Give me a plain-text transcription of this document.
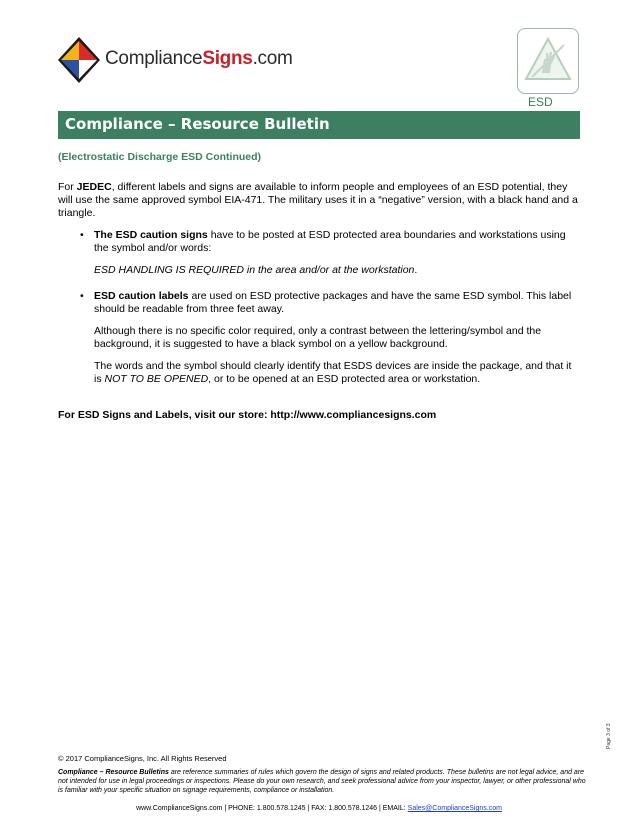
ComplianceSigns.com
ESD
Compliance – Resource Bulletin
(Electrostatic Discharge ESD Continued)
For JEDEC, different labels and signs are available to inform people and employees of an ESD potential, they will use the same approved symbol EIA-471. The military uses it in a “negative” version, with a black hand and a triangle.
• The ESD caution signs have to be posted at ESD protected area boundaries and workstations using the symbol and/or words:
ESD HANDLING IS REQUIRED in the area and/or at the workstation.
• ESD caution labels are used on ESD protective packages and have the same ESD symbol. This label should be readable from three feet away.
Although there is no specific color required, only a contrast between the lettering/symbol and the background, it is suggested to have a black symbol on a yellow background.
The words and the symbol should clearly identify that ESDS devices are inside the package, and that it is NOT TO BE OPENED, or to be opened at an ESD protected area or workstation.
For ESD Signs and Labels, visit our store: http://www.compliancesigns.com
Page 3 of 3
© 2017 ComplianceSigns, Inc. All Rights Reserved
Compliance – Resource Bulletins are reference summaries of rules which govern the design of signs and related products. These bulletins are not legal advice, and are not intended for use in legal proceedings or inspections. Please do your own research, and seek professional advice from your inspector, lawyer, or other professional who is familiar with your specific situation on signage requirements, compliance or installation.
www.ComplianceSigns.com | PHONE: 1.800.578.1245 | FAX: 1.800.578.1246 | EMAIL: Sales@ComplianceSigns.com
